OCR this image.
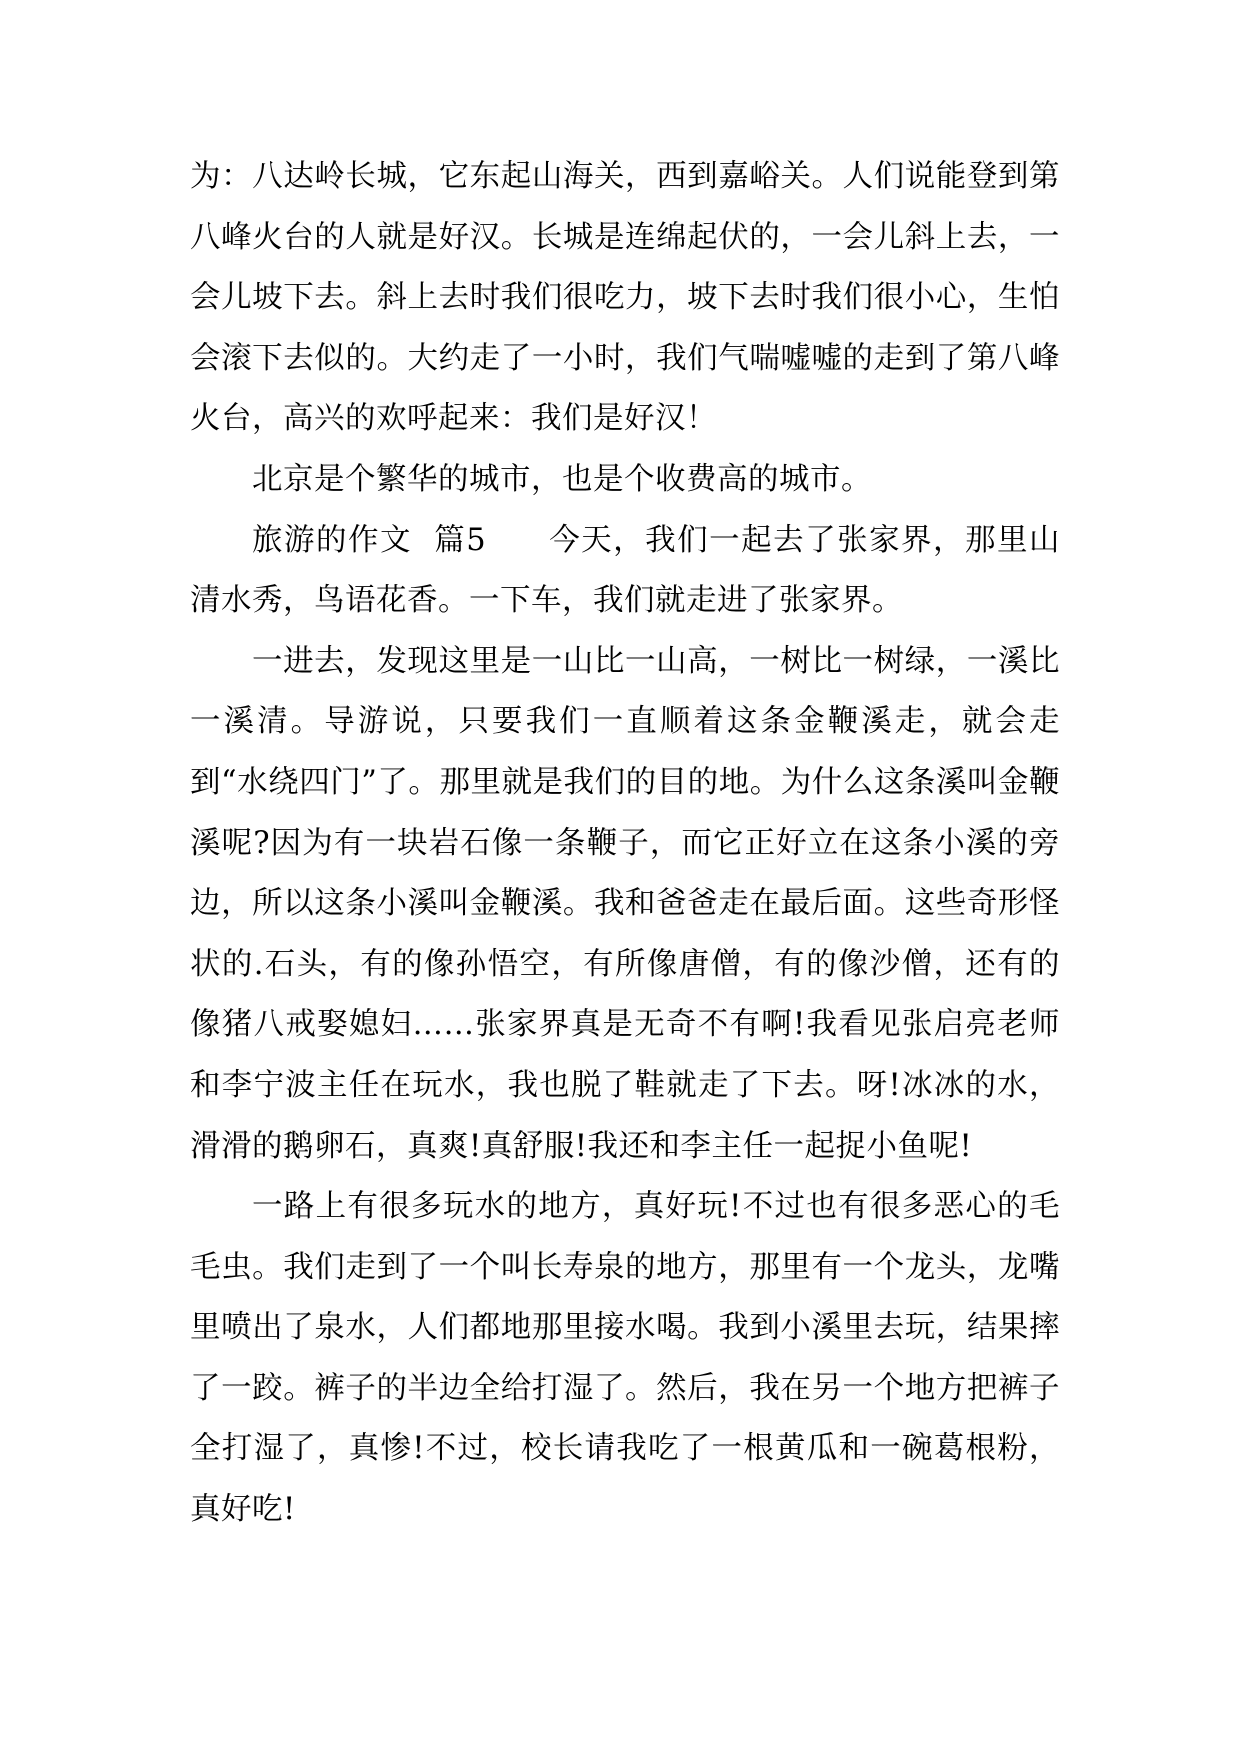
为：八达岭长城，它东起山海关，西到嘉峪关。人们说能登到第八峰火台的人就是好汉。长城是连绵起伏的，一会儿斜上去，一会儿坡下去。斜上去时我们很吃力，坡下去时我们很小心，生怕会滚下去似的。大约走了一小时，我们气喘嘘嘘的走到了第八峰火台，高兴的欢呼起来：我们是好汉！

北京是个繁华的城市，也是个收费高的城市。

旅游的作文  篇5 今天，我们一起去了张家界，那里山清水秀，鸟语花香。一下车，我们就走进了张家界。

一进去，发现这里是一山比一山高，一树比一树绿，一溪比一溪清。导游说，只要我们一直顺着这条金鞭溪走，就会走到“水绕四门”了。那里就是我们的目的地。为什么这条溪叫金鞭溪呢?因为有一块岩石像一条鞭子，而它正好立在这条小溪的旁边，所以这条小溪叫金鞭溪。我和爸爸走在最后面。这些奇形怪状的.石头，有的像孙悟空，有所像唐僧，有的像沙僧，还有的像猪八戒娶媳妇……张家界真是无奇不有啊!我看见张启亮老师和李宁波主任在玩水，我也脱了鞋就走了下去。呀!冰冰的水，滑滑的鹅卵石，真爽!真舒服!我还和李主任一起捉小鱼呢!

一路上有很多玩水的地方，真好玩!不过也有很多恶心的毛毛虫。我们走到了一个叫长寿泉的地方，那里有一个龙头，龙嘴里喷出了泉水，人们都地那里接水喝。我到小溪里去玩，结果摔了一跤。裤子的半边全给打湿了。然后，我在另一个地方把裤子全打湿了，真惨!不过，校长请我吃了一根黄瓜和一碗葛根粉，真好吃!
